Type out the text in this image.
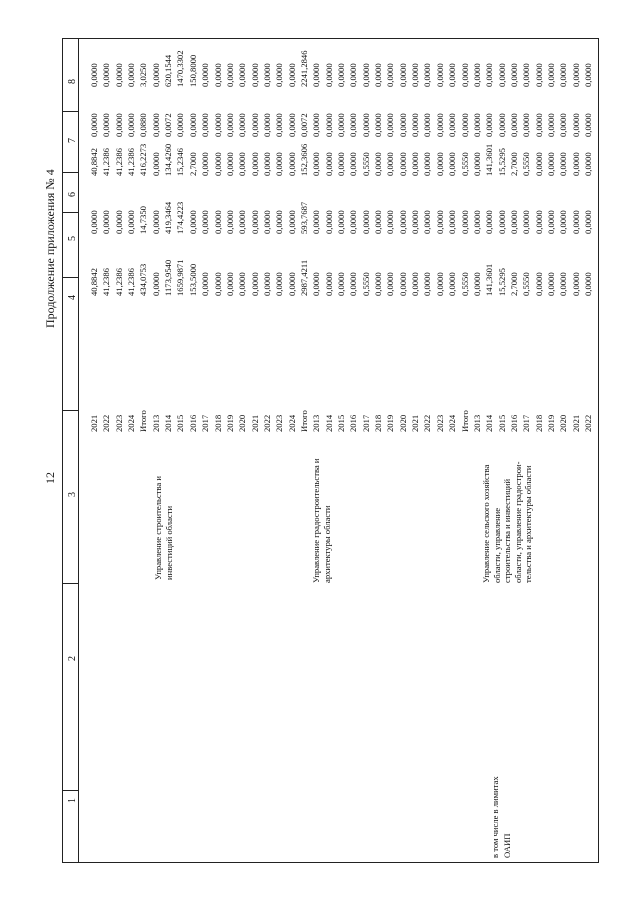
12
Продолжение приложения № 4
1
2
3
4
5
6
7
8
2021
40,8842
0,0000
40,8842
0,0000
0,0000
2022
41,2386
0,0000
41,2386
0,0000
0,0000
2023
41,2386
0,0000
41,2386
0,0000
0,0000
2024
41,2386
0,0000
41,2386
0,0000
0,0000
Итого
434,0753
14,7350
416,2273
0,0880
3,0250
2013
0,0000
0,0000
0,0000
0,0000
0,0000
2014
1173,9540
419,3464
134,4260
0,0072
620,1544
2015
1659,9871
174,4223
15,2346
0,0000
1470,3302
2016
153,5000
0,0000
2,7000
0,0000
150,8000
2017
0,0000
0,0000
0,0000
0,0000
0,0000
2018
0,0000
0,0000
0,0000
0,0000
0,0000
2019
0,0000
0,0000
0,0000
0,0000
0,0000
2020
0,0000
0,0000
0,0000
0,0000
0,0000
2021
0,0000
0,0000
0,0000
0,0000
0,0000
2022
0,0000
0,0000
0,0000
0,0000
0,0000
2023
0,0000
0,0000
0,0000
0,0000
0,0000
2024
0,0000
0,0000
0,0000
0,0000
0,0000
Итого
2987,4211
593,7687
152,3606
0,0072
2241,2846
2013
0,0000
0,0000
0,0000
0,0000
0,0000
2014
0,0000
0,0000
0,0000
0,0000
0,0000
2015
0,0000
0,0000
0,0000
0,0000
0,0000
2016
0,0000
0,0000
0,0000
0,0000
0,0000
2017
0,5550
0,0000
0,5550
0,0000
0,0000
2018
0,0000
0,0000
0,0000
0,0000
0,0000
2019
0,0000
0,0000
0,0000
0,0000
0,0000
2020
0,0000
0,0000
0,0000
0,0000
0,0000
2021
0,0000
0,0000
0,0000
0,0000
0,0000
2022
0,0000
0,0000
0,0000
0,0000
0,0000
2023
0,0000
0,0000
0,0000
0,0000
0,0000
2024
0,0000
0,0000
0,0000
0,0000
0,0000
Итого
0,5550
0,0000
0,5550
0,0000
0,0000
2013
0,0000
0,0000
0,0000
0,0000
0,0000
2014
141,3601
0,0000
141,3601
0,0000
0,0000
2015
15,5295
0,0000
15,5295
0,0000
0,0000
2016
2,7000
0,0000
2,7000
0,0000
0,0000
2017
0,5550
0,0000
0,5550
0,0000
0,0000
2018
0,0000
0,0000
0,0000
0,0000
0,0000
2019
0,0000
0,0000
0,0000
0,0000
0,0000
2020
0,0000
0,0000
0,0000
0,0000
0,0000
2021
0,0000
0,0000
0,0000
0,0000
0,0000
2022
0,0000
0,0000
0,0000
0,0000
0,0000
Управление строительства и инвестиций области	Управление градостроительства и архитектуры области	Управление сельского хозяйства области, управление строительства и инвестиций области, управление градострои- тельства и архитектуры области
в том числе в лимитах ОАИП
